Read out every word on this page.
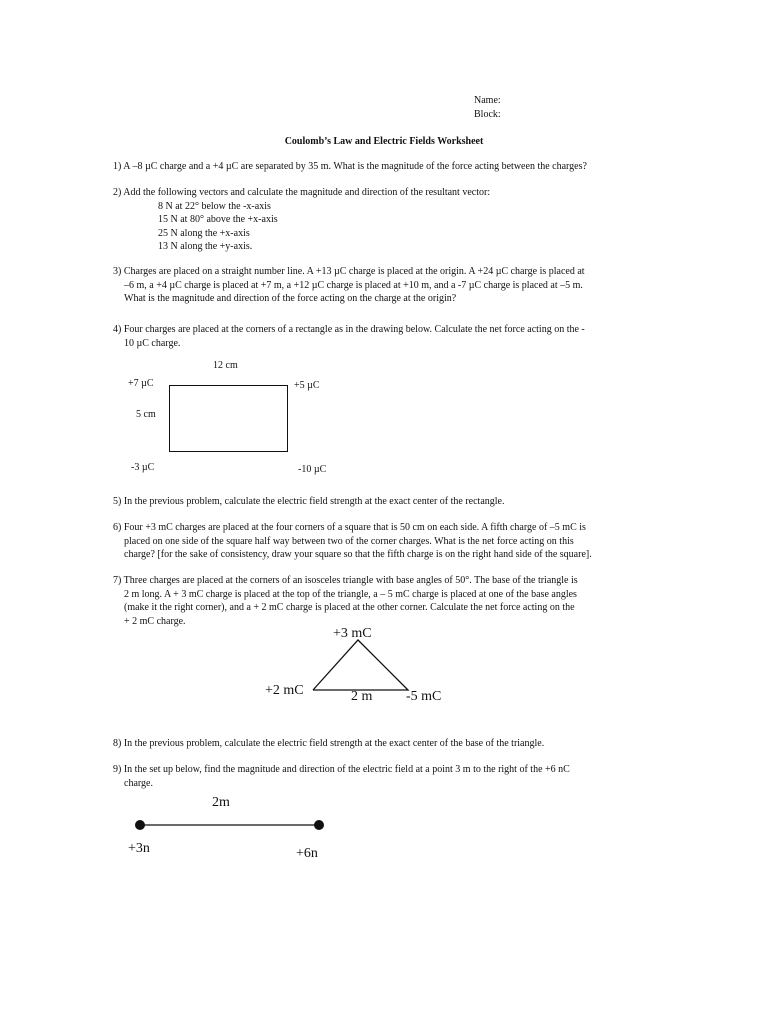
Name:
Block:
Coulomb’s Law and Electric Fields Worksheet
1) A –8 µC charge and a +4 µC are separated by 35 m. What is the magnitude of the force acting between the charges?
2) Add the following vectors and calculate the magnitude and direction of the resultant vector:
8 N at 22° below the -x-axis
15 N at 80° above the +x-axis
25 N along the +x-axis
13 N along the +y-axis.
3) Charges are placed on a straight number line. A +13 µC charge is placed at the origin. A +24 µC charge is placed at
–6 m, a +4 µC charge is placed at +7 m, a +12 µC charge is placed at +10 m, and a -7 µC charge is placed at –5 m.
What is the magnitude and direction of the force acting on the charge at the origin?
4) Four charges are placed at the corners of a rectangle as in the drawing below. Calculate the net force acting on the -
10 µC charge.
12 cm
+7 µC	+5 µC
5 cm
-3 µC	-10 µC
5) In the previous problem, calculate the electric field strength at the exact center of the rectangle.
6) Four +3 mC charges are placed at the four corners of a square that is 50 cm on each side. A fifth charge of –5 mC is
placed on one side of the square half way between two of the corner charges. What is the net force acting on this
charge? [for the sake of consistency, draw your square so that the fifth charge is on the right hand side of the square].
7) Three charges are placed at the corners of an isosceles triangle with base angles of 50°. The base of the triangle is
2 m long. A + 3 mC charge is placed at the top of the triangle, a – 5 mC charge is placed at one of the base angles
(make it the right corner), and a + 2 mC charge is placed at the other corner. Calculate the net force acting on the
+ 2 mC charge.
+3 mC
+2 mC	2 m -5 mC
8) In the previous problem, calculate the electric field strength at the exact center of the base of the triangle.
9) In the set up below, find the magnitude and direction of the electric field at a point 3 m to the right of the +6 nC
charge.
2m
+3n	+6n
